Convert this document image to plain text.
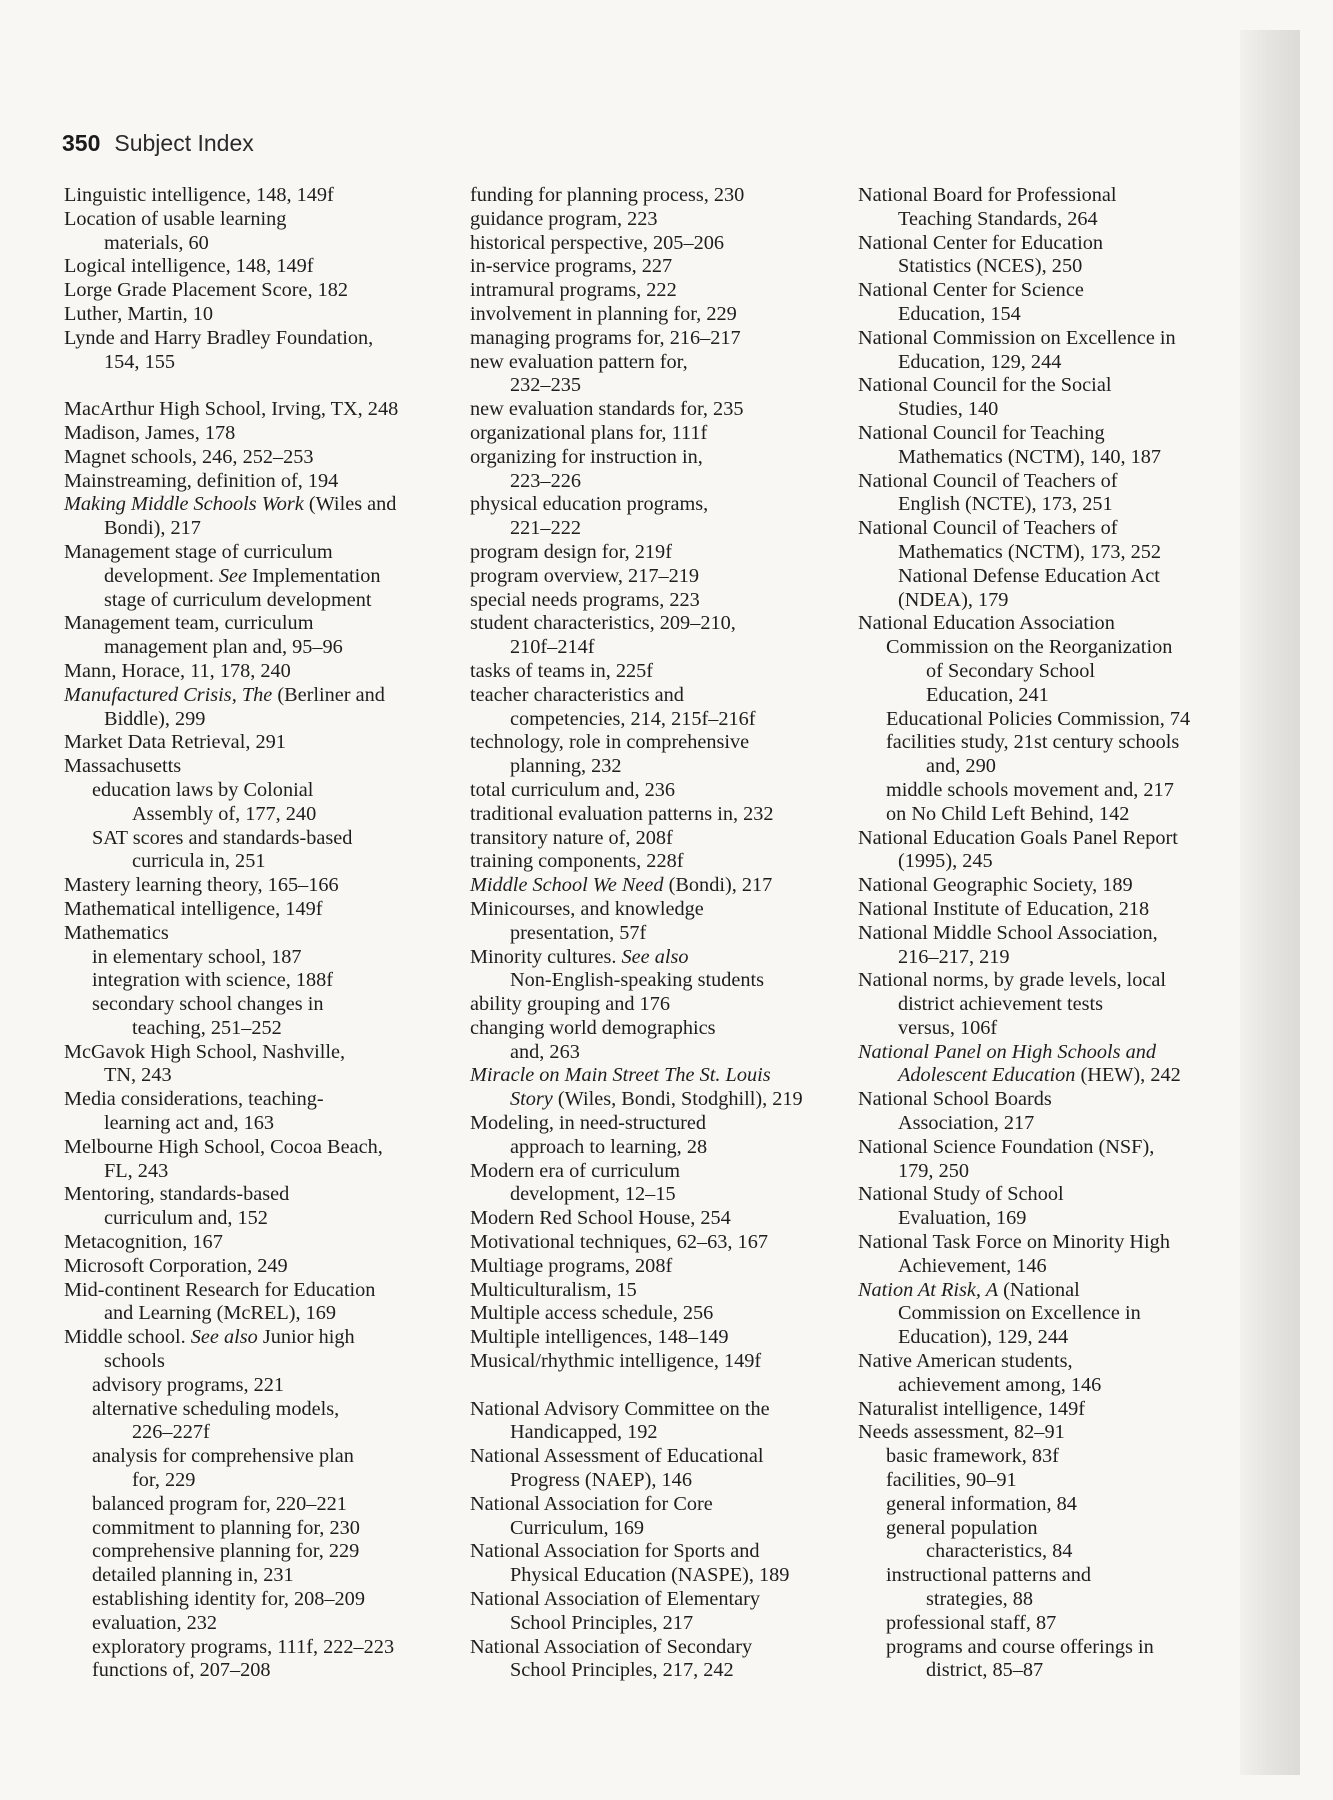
350 Subject Index

Linguistic intelligence, 148, 149f

Location of usable learning
materials, 60

Logical intelligence, 148, 149f

Lorge Grade Placement Score, 182

Luther, Martin, 10

Lynde and Harry Bradley Foundation,
154, 155

MacArthur High School, Irving, TX, 248

Madison, James, 178

Magnet schools, 246, 252–253

Mainstreaming, definition of, 194

Making Middle Schools Work (Wiles and
Bondi), 217

Management stage of curriculum
development. See Implementation
stage of curriculum development

Management team, curriculum
management plan and, 95–96

Mann, Horace, 11, 178, 240

Manufactured Crisis, The (Berliner and
Biddle), 299

Market Data Retrieval, 291

Massachusetts

education laws by Colonial
Assembly of, 177, 240

SAT scores and standards-based
curricula in, 251

Mastery learning theory, 165–166

Mathematical intelligence, 149f

Mathematics

in elementary school, 187

integration with science, 188f

secondary school changes in
teaching, 251–252

McGavok High School, Nashville,
TN, 243

Media considerations, teaching-
learning act and, 163

Melbourne High School, Cocoa Beach,
FL, 243

Mentoring, standards-based
curriculum and, 152

Metacognition, 167

Microsoft Corporation, 249

Mid-continent Research for Education
and Learning (McREL), 169

Middle school. See also Junior high
schools

advisory programs, 221

alternative scheduling models,
226–227f

analysis for comprehensive plan
for, 229

balanced program for, 220–221

commitment to planning for, 230

comprehensive planning for, 229

detailed planning in, 231

establishing identity for, 208–209

evaluation, 232

exploratory programs, 111f, 222–223

functions of, 207–208

funding for planning process, 230

guidance program, 223

historical perspective, 205–206

in-service programs, 227

intramural programs, 222

involvement in planning for, 229

managing programs for, 216–217

new evaluation pattern for,
232–235

new evaluation standards for, 235

organizational plans for, 111f

organizing for instruction in,
223–226

physical education programs,
221–222

program design for, 219f

program overview, 217–219

special needs programs, 223

student characteristics, 209–210,
210f–214f

tasks of teams in, 225f

teacher characteristics and
competencies, 214, 215f–216f

technology, role in comprehensive
planning, 232

total curriculum and, 236

traditional evaluation patterns in, 232

transitory nature of, 208f

training components, 228f

Middle School We Need (Bondi), 217

Minicourses, and knowledge
presentation, 57f

Minority cultures. See also
Non-English-speaking students

ability grouping and 176

changing world demographics
and, 263

Miracle on Main Street The St. Louis
Story (Wiles, Bondi, Stodghill), 219

Modeling, in need-structured
approach to learning, 28

Modern era of curriculum
development, 12–15

Modern Red School House, 254

Motivational techniques, 62–63, 167

Multiage programs, 208f

Multiculturalism, 15

Multiple access schedule, 256

Multiple intelligences, 148–149

Musical/rhythmic intelligence, 149f

National Advisory Committee on the
Handicapped, 192

National Assessment of Educational
Progress (NAEP), 146

National Association for Core
Curriculum, 169

National Association for Sports and
Physical Education (NASPE), 189

National Association of Elementary
School Principles, 217

National Association of Secondary
School Principles, 217, 242

National Board for Professional
Teaching Standards, 264

National Center for Education
Statistics (NCES), 250

National Center for Science
Education, 154

National Commission on Excellence in
Education, 129, 244

National Council for the Social
Studies, 140

National Council for Teaching
Mathematics (NCTM), 140, 187

National Council of Teachers of
English (NCTE), 173, 251

National Council of Teachers of
Mathematics (NCTM), 173, 252
National Defense Education Act
(NDEA), 179

National Education Association

Commission on the Reorganization
of Secondary School
Education, 241

Educational Policies Commission, 74

facilities study, 21st century schools
and, 290

middle schools movement and, 217

on No Child Left Behind, 142

National Education Goals Panel Report
(1995), 245

National Geographic Society, 189

National Institute of Education, 218

National Middle School Association,
216–217, 219

National norms, by grade levels, local
district achievement tests
versus, 106f

National Panel on High Schools and
Adolescent Education (HEW), 242

National School Boards
Association, 217

National Science Foundation (NSF),
179, 250

National Study of School
Evaluation, 169

National Task Force on Minority High
Achievement, 146

Nation At Risk, A (National
Commission on Excellence in
Education), 129, 244

Native American students,
achievement among, 146

Naturalist intelligence, 149f

Needs assessment, 82–91

basic framework, 83f

facilities, 90–91

general information, 84

general population
characteristics, 84

instructional patterns and
strategies, 88

professional staff, 87

programs and course offerings in
district, 85–87
